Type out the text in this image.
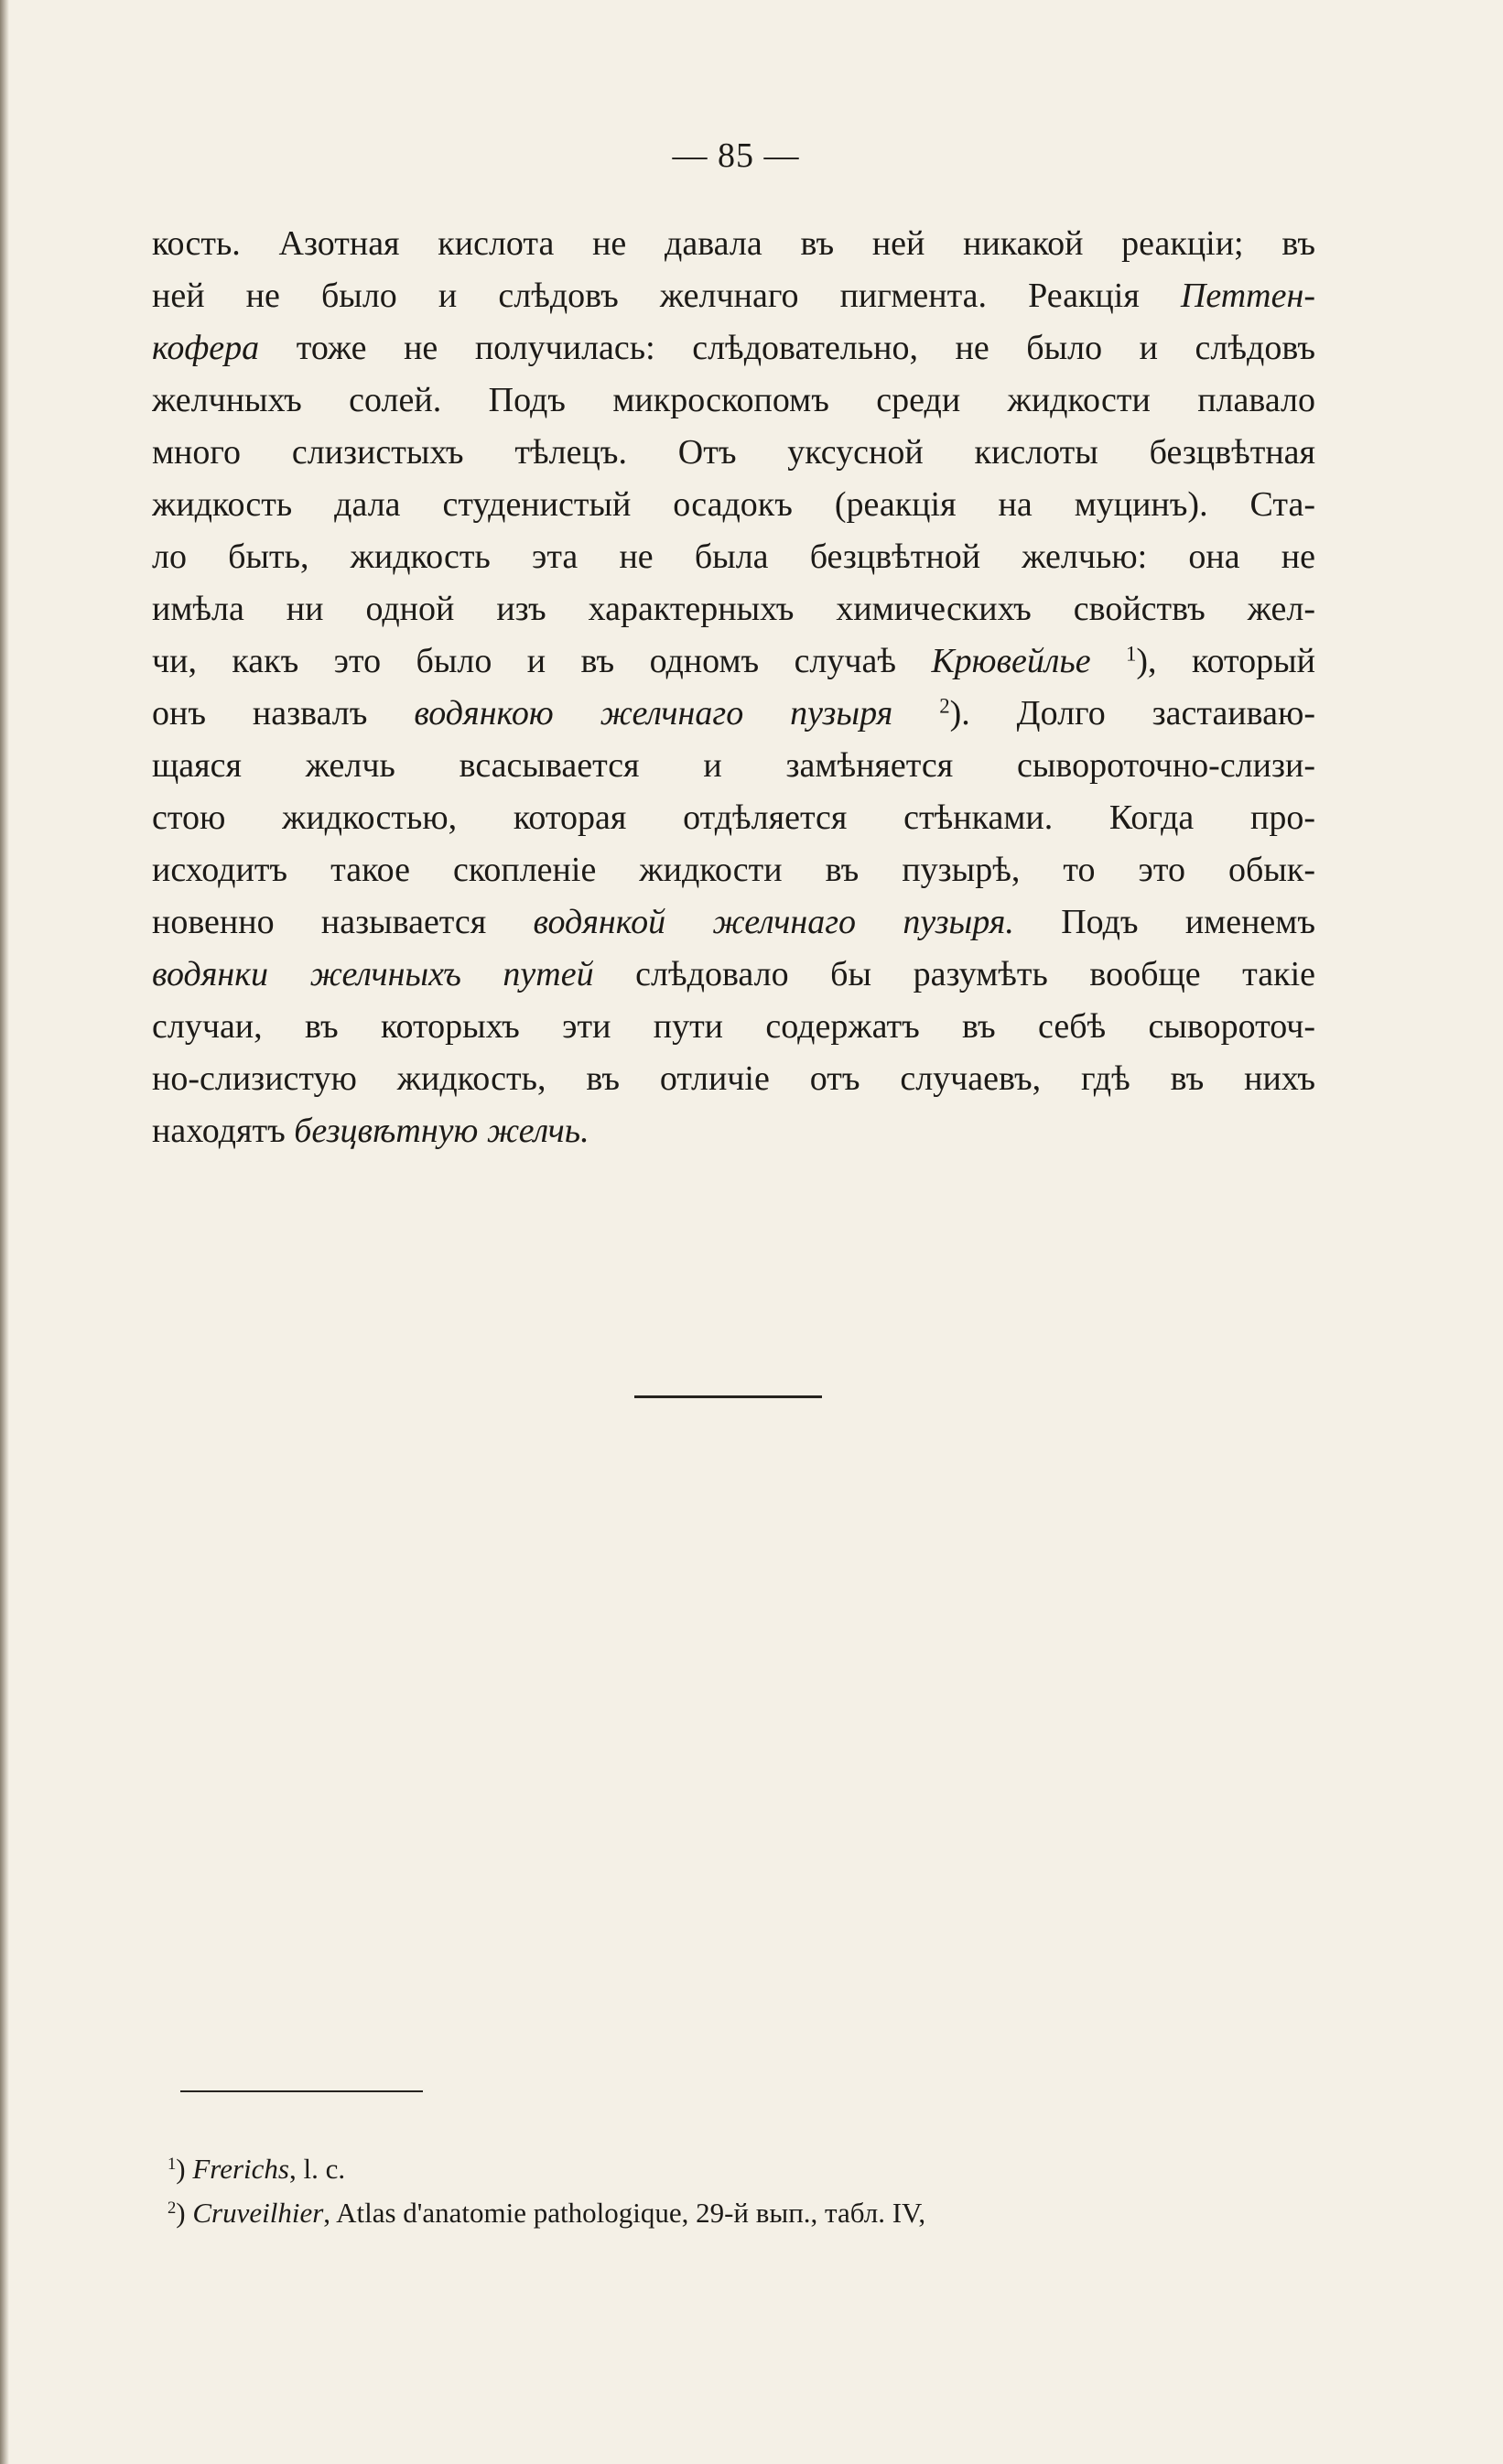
— 85 —
кость. Азотная кислота не давала въ ней никакой реакціи; въ
ней не было и слѣдовъ желчнаго пигмента. Реакція Петтен-
кофера тоже не получилась: слѣдовательно, не было и слѣдовъ
желчныхъ солей. Подъ микроскопомъ среди жидкости плавало
много слизистыхъ тѣлецъ. Отъ уксусной кислоты безцвѣтная
жидкость дала студенистый осадокъ (реакція на муцинъ). Ста-
ло быть, жидкость эта не была безцвѣтной желчью: она не
имѣла ни одной изъ характерныхъ химическихъ свойствъ жел-
чи, какъ это было и въ одномъ случаѣ Крювейлье $^1$), который
онъ назвалъ водянкою желчнаго пузыря $^2$). Долго застаиваю-
щаяся желчь всасывается и замѣняется сывороточно-слизи-
стою жидкостью, которая отдѣляется стѣнками. Когда про-
исходитъ такое скопленіе жидкости въ пузырѣ, то это обык-
новенно называется водянкой желчнаго пузыря. Подъ именемъ
водянки желчныхъ путей слѣдовало бы разумѣть вообще такіе
случаи, въ которыхъ эти пути содержатъ въ себѣ сывороточ-
но-слизистую жидкость, въ отличіе отъ случаевъ, гдѣ въ нихъ
находятъ безцвѣтную желчь.
$^1$) Frerichs, l. c.
$^2$) Cruveilhier, Atlas d'anatomie pathologique, 29-й вып., табл. IV,
